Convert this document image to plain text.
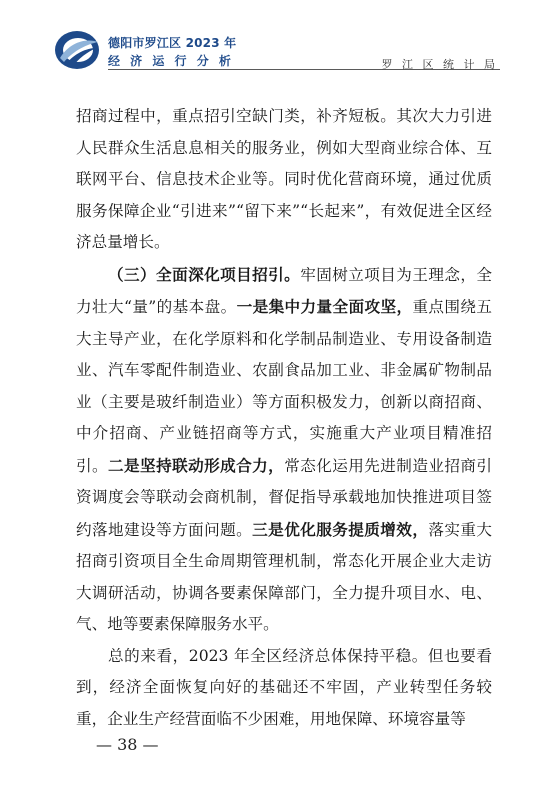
德阳市罗江区 2023 年
经 济 运 行 分 析	罗 江 区 统 计 局

招商过程中，重点招引空缺门类，补齐短板。其次大力引进人民群众生活息息相关的服务业，例如大型商业综合体、互联网平台、信息技术企业等。同时优化营商环境，通过优质服务保障企业“引进来”“留下来”“长起来”，有效促进全区经济总量增长。

（三）全面深化项目招引。牢固树立项目为王理念，全力壮大“量”的基本盘。一是集中力量全面攻坚，重点围绕五大主导产业，在化学原料和化学制品制造业、专用设备制造业、汽车零配件制造业、农副食品加工业、非金属矿物制品业（主要是玻纤制造业）等方面积极发力，创新以商招商、中介招商、产业链招商等方式，实施重大产业项目精准招引。二是坚持联动形成合力，常态化运用先进制造业招商引资调度会等联动会商机制，督促指导承载地加快推进项目签约落地建设等方面问题。三是优化服务提质增效，落实重大招商引资项目全生命周期管理机制，常态化开展企业大走访大调研活动，协调各要素保障部门，全力提升项目水、电、气、地等要素保障服务水平。

总的来看，2023 年全区经济总体保持平稳。但也要看到，经济全面恢复向好的基础还不牢固，产业转型任务较重，企业生产经营面临不少困难，用地保障、环境容量等

— 38 —
